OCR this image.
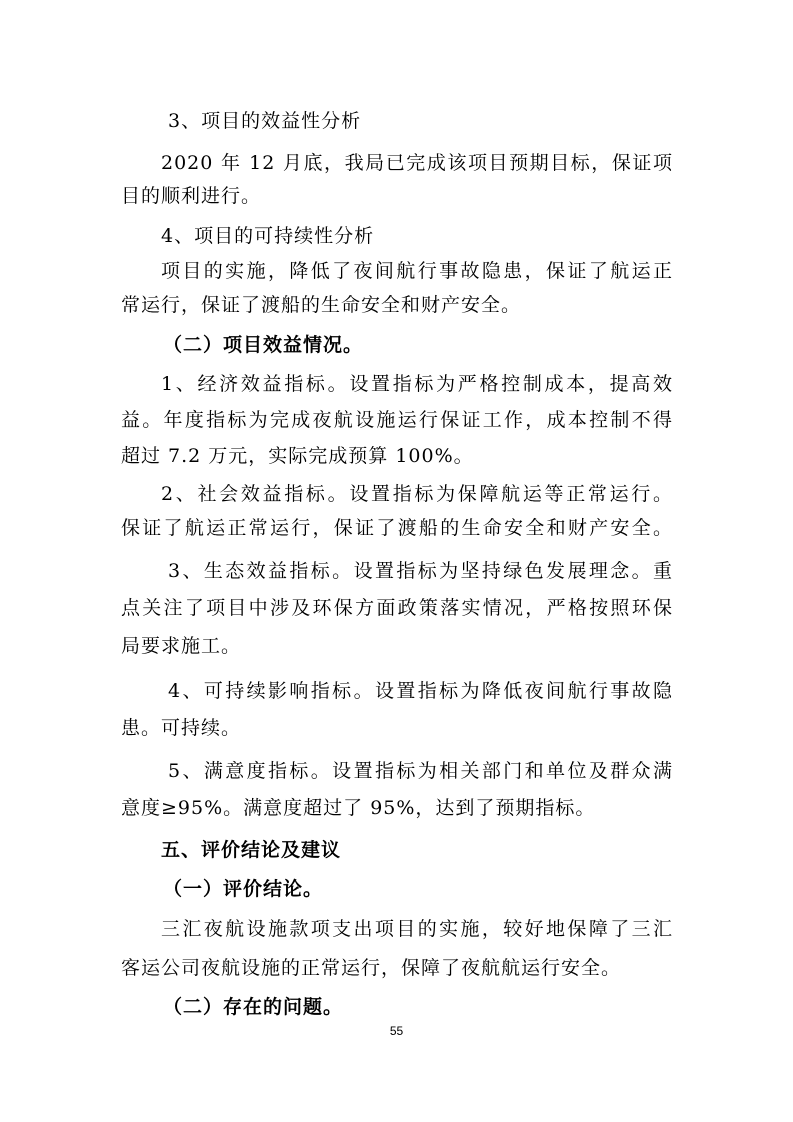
3、项目的效益性分析
2020 年 12 月底，我局已完成该项目预期目标，保证项
目的顺利进行。
4、项目的可持续性分析
项目的实施，降低了夜间航行事故隐患，保证了航运正
常运行，保证了渡船的生命安全和财产安全。
（二）项目效益情况。
1、经济效益指标。设置指标为严格控制成本，提高效
益。年度指标为完成夜航设施运行保证工作，成本控制不得
超过 7.2 万元，实际完成预算 100%。
2、社会效益指标。设置指标为保障航运等正常运行。
保证了航运正常运行，保证了渡船的生命安全和财产安全。
3、生态效益指标。设置指标为坚持绿色发展理念。重
点关注了项目中涉及环保方面政策落实情况，严格按照环保
局要求施工。
4、可持续影响指标。设置指标为降低夜间航行事故隐
患。可持续。
5、满意度指标。设置指标为相关部门和单位及群众满
意度≥95%。满意度超过了 95%，达到了预期指标。
五、评价结论及建议
（一）评价结论。
三汇夜航设施款项支出项目的实施，较好地保障了三汇
客运公司夜航设施的正常运行，保障了夜航航运行安全。
（二）存在的问题。
55
